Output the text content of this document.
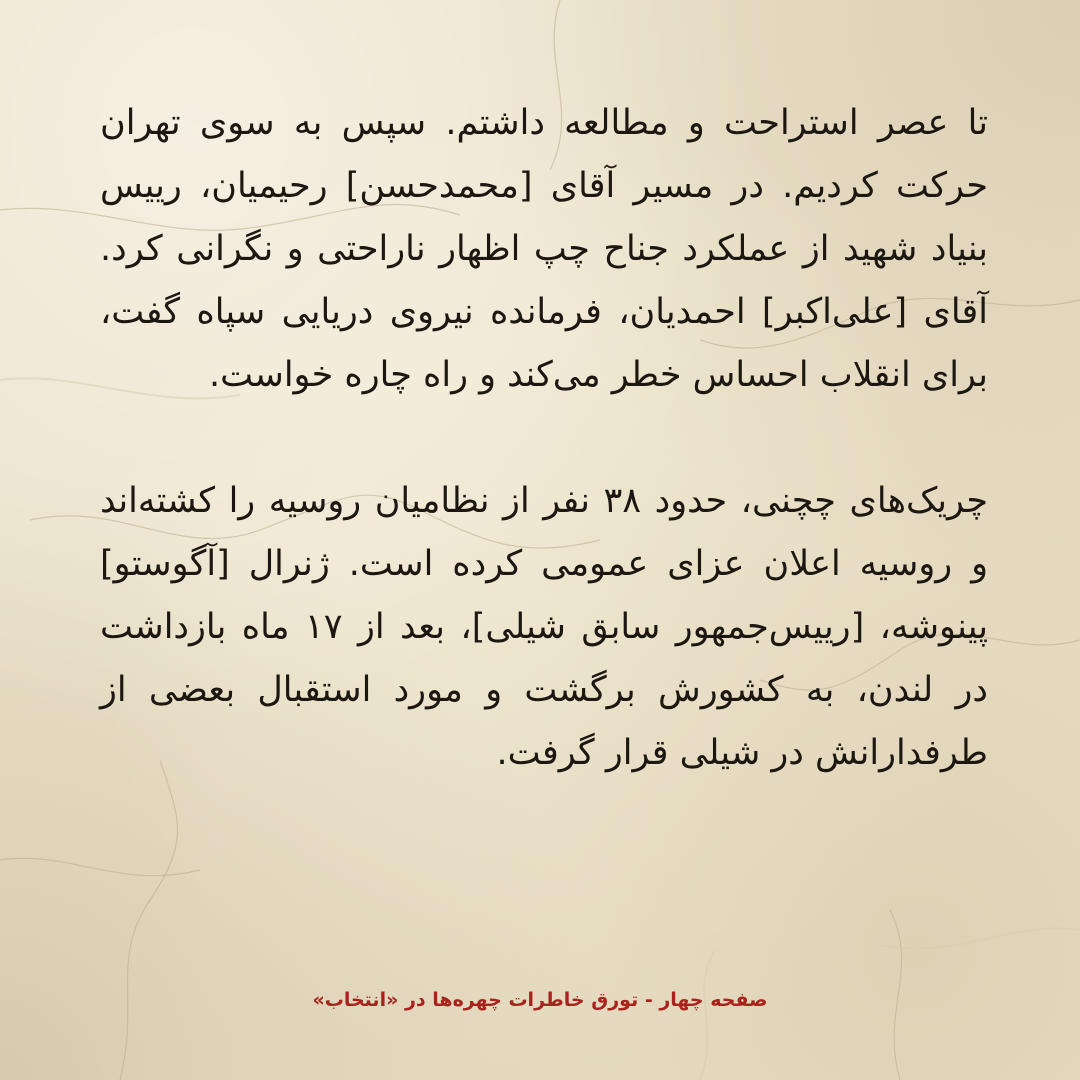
تا عصر استراحت و مطالعه داشتم. سپس به سوی تهران حرکت کردیم. در مسیر آقای [محمدحسن] رحیمیان، رییس بنیاد شهید از عملکرد جناح چپ اظهار ناراحتی و نگرانی کرد. آقای [علی‌اکبر] احمدیان، فرمانده نیروی دریایی سپاه گفت، برای انقلاب احساس خطر می‌کند و راه چاره خواست.

چریک‌های چچنی، حدود ۳۸ نفر از نظامیان روسیه را کشته‌اند و روسیه اعلان عزای عمومی کرده است. ژنرال [آگوستو] پینوشه، [رییس‌جمهور سابق شیلی]، بعد از ۱۷ ماه بازداشت در لندن، به کشورش برگشت و مورد استقبال بعضی از طرفدارانش در شیلی قرار گرفت.

صفحه چهار - تورق خاطرات چهره‌ها در «انتخاب»
